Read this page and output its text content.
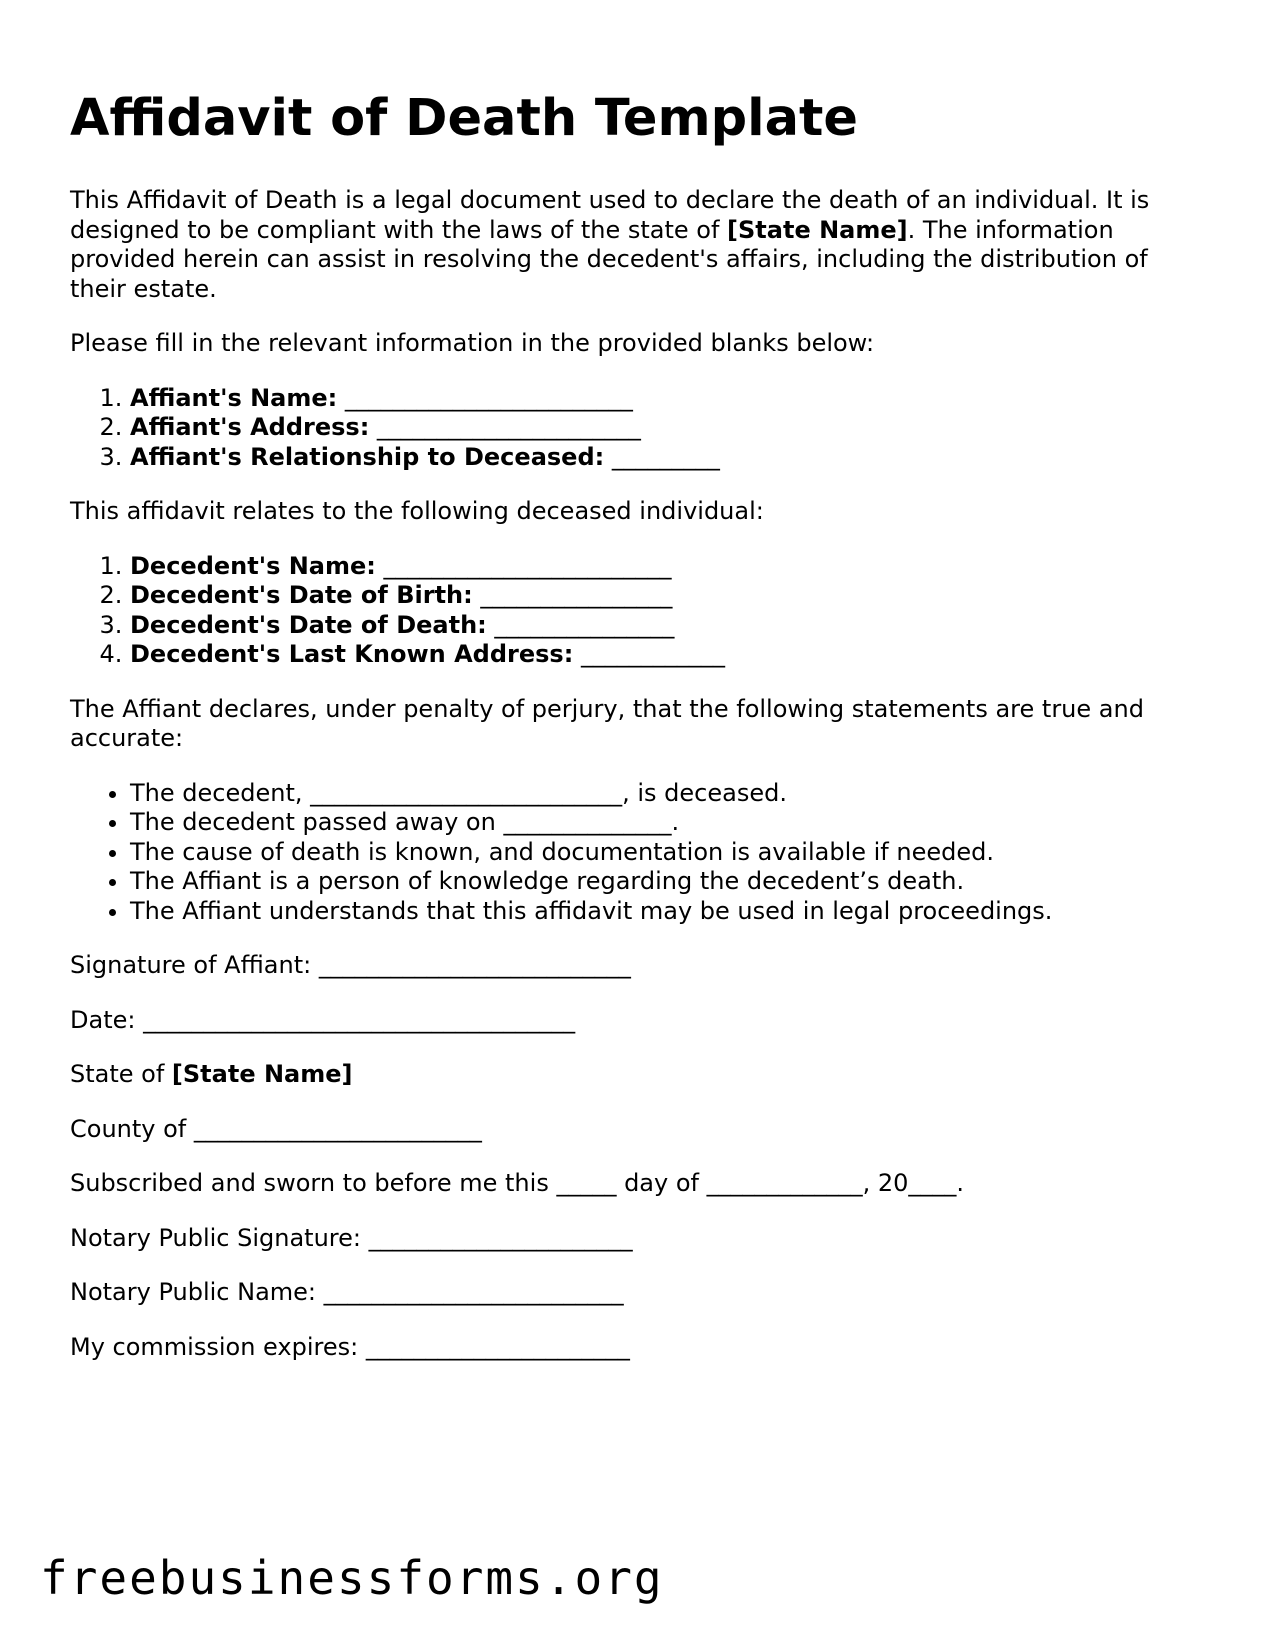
Affidavit of Death Template

This Affidavit of Death is a legal document used to declare the death of an individual. It is designed to be compliant with the laws of the state of [State Name]. The information provided herein can assist in resolving the decedent's affairs, including the distribution of their estate.

Please fill in the relevant information in the provided blanks below:

1. Affiant's Name: ________________________
2. Affiant's Address: ______________________
3. Affiant's Relationship to Deceased: _________

This affidavit relates to the following deceased individual:

1. Decedent's Name: ________________________
2. Decedent's Date of Birth: ________________
3. Decedent's Date of Death: _______________
4. Decedent's Last Known Address: ____________

The Affiant declares, under penalty of perjury, that the following statements are true and accurate:

• The decedent, __________________________, is deceased.
• The decedent passed away on ______________.
• The cause of death is known, and documentation is available if needed.
• The Affiant is a person of knowledge regarding the decedent’s death.
• The Affiant understands that this affidavit may be used in legal proceedings.

Signature of Affiant: __________________________

Date: ____________________________________

State of [State Name]

County of ________________________

Subscribed and sworn to before me this _____ day of _____________, 20____.

Notary Public Signature: ______________________

Notary Public Name: _________________________

My commission expires: ______________________

freebusinessforms.org
